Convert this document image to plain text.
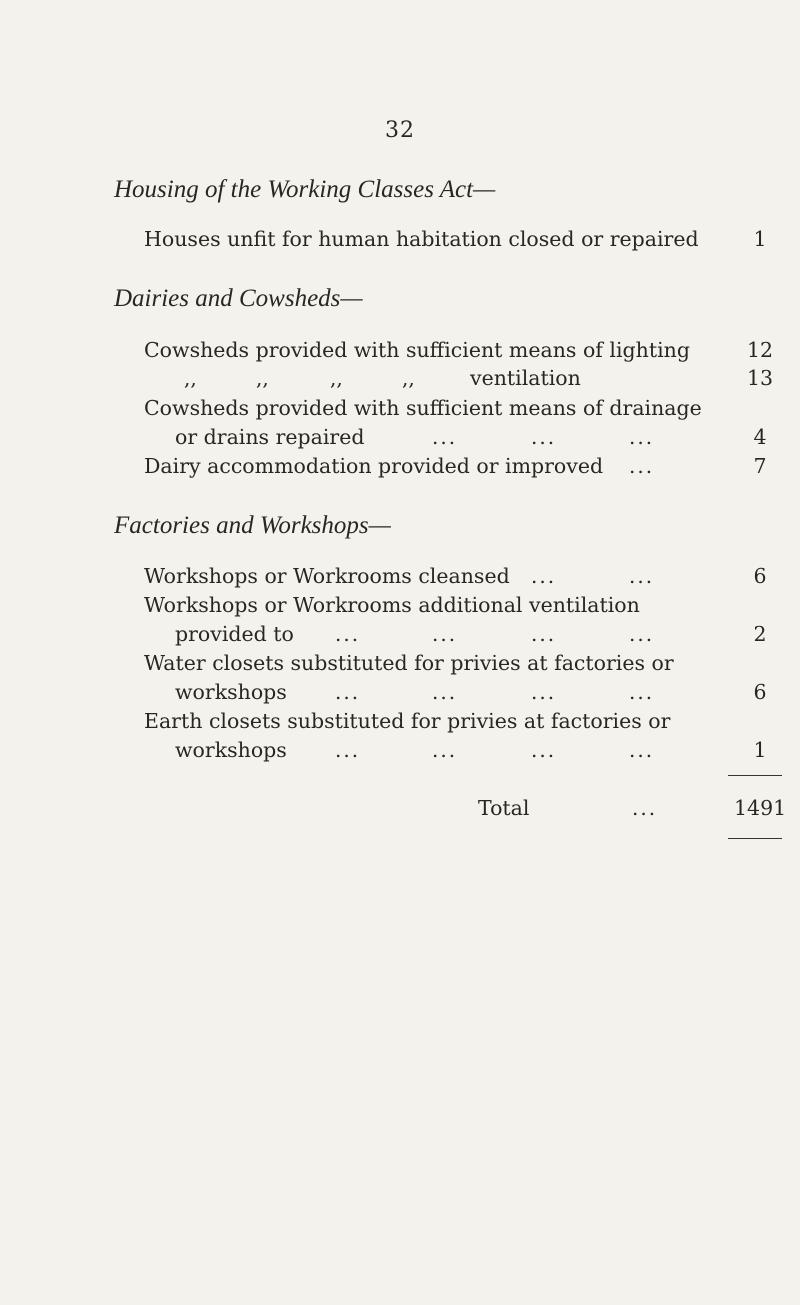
32
Housing of the Working Classes Act—
Houses unfit for human habitation closed or repaired	1
Dairies and Cowsheds—
Cowsheds provided with sufficient means of lighting	12
,,	,,	,,	,,	ventilation	13
Cowsheds provided with sufficient means of drainage
or drains repaired	...	...	...	4
Dairy accommodation provided or improved ...	7
Factories and Workshops—
Workshops or Workrooms cleansed ...	...	6
Workshops or Workrooms additional ventilation
provided to ...	...	...	...	2
Water closets substituted for privies at factories or
workshops ...	...	...	...	6
Earth closets substituted for privies at factories or
workshops ...	...	...	...	1
Total	...	1491
